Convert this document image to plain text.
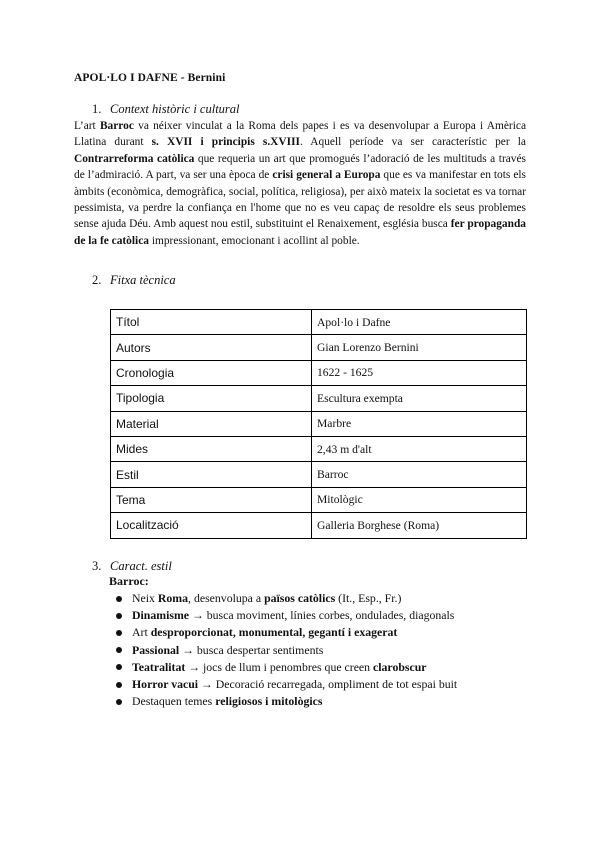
APOL·LO I DAFNE - Bernini
1. Context històric i cultural
L’art Barroc va néixer vinculat a la Roma dels papes i es va desenvolupar a Europa i Amèrica Llatina durant s. XVII i principis s.XVIII. Aquell període va ser característic per la Contrarreforma catòlica que requeria un art que promogués l’adoració de les multituds a través de l’admiració. A part, va ser una època de crisi general a Europa que es va manifestar en tots els àmbits (econòmica, demogràfica, social, política, religiosa), per això mateix la societat es va tornar pessimista, va perdre la confiança en l'home que no es veu capaç de resoldre els seus problemes sense ajuda Déu. Amb aquest nou estil, substituint el Renaixement, església busca fer propaganda de la fe catòlica impressionant, emocionant i acollint al poble.
2. Fitxa tècnica
Títol	Apol·lo i Dafne
Autors	Gian Lorenzo Bernini
Cronologia	1622 - 1625
Tipologia	Escultura exempta
Material	Marbre
Mides	2,43 m d'alt
Estil	Barroc
Tema	Mitològic
Localització	Galleria Borghese (Roma)
3. Caract. estil
Barroc:
Neix Roma, desenvolupa a països catòlics (It., Esp., Fr.)
Dinamisme → busca moviment, línies corbes, ondulades, diagonals
Art desproporcionat, monumental, gegantí i exagerat
Passional → busca despertar sentiments
Teatralitat → jocs de llum i penombres que creen clarobscur
Horror vacui → Decoració recarregada, ompliment de tot espai buit
Destaquen temes religiosos i mitològics
